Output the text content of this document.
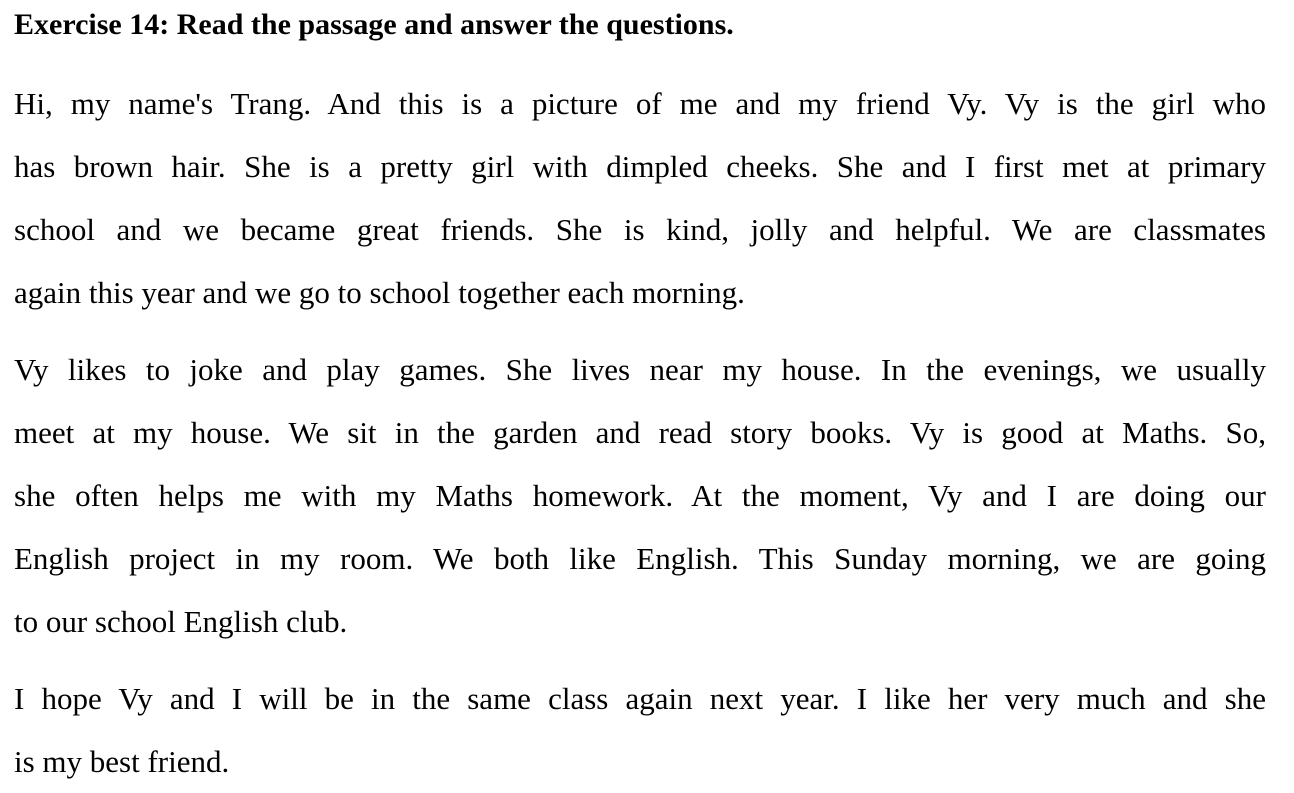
Exercise 14: Read the passage and answer the questions.
Hi, my name's Trang. And this is a picture of me and my friend Vy. Vy is the girl who
has brown hair. She is a pretty girl with dimpled cheeks. She and I first met at primary
school and we became great friends. She is kind, jolly and helpful. We are classmates
again this year and we go to school together each morning.
Vy likes to joke and play games. She lives near my house. In the evenings, we usually
meet at my house. We sit in the garden and read story books. Vy is good at Maths. So,
she often helps me with my Maths homework. At the moment, Vy and I are doing our
English project in my room. We both like English. This Sunday morning, we are going
to our school English club.
I hope Vy and I will be in the same class again next year. I like her very much and she
is my best friend.
